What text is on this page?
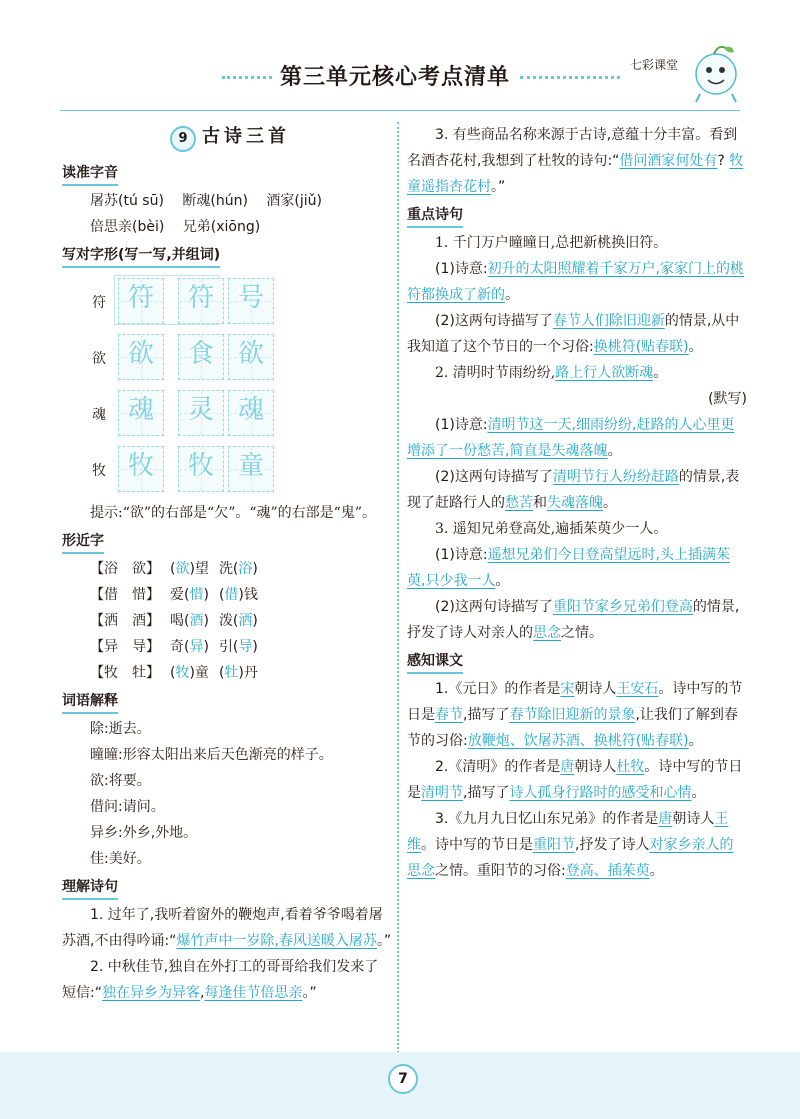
第三单元核心考点清单	七彩课堂
9 古诗三首
读准字音
屠苏(tú sū) 断魂(hún) 酒家(jiǔ)
倍思亲(bèi) 兄弟(xiōng)
写对字形(写一写,并组词)
符 符	符 号
欲 欲	食 欲
魂 魂	灵 魂
牧 牧	牧 童

提示:“欲”的右部是“欠”。“魂”的右部是“鬼”。

形近字
【浴　欲】 (欲)望 洗(浴)
【借　惜】 爱(惜) (借)钱
【洒　酒】 喝(酒) 泼(洒)
【异　导】 奇(异) 引(导)
【牧　牡】 (牧)童 (牡)丹
词语解释
除:逝去。
曈曈:形容太阳出来后天色渐亮的样子。
欲:将要。
借问:请问。
异乡:外乡,外地。
佳:美好。
理解诗句

1. 过年了,我听着窗外的鞭炮声,看着爷爷喝着屠苏酒,不由得吟诵:“爆竹声中一岁除,春风送暖入屠苏。”

2. 中秋佳节,独自在外打工的哥哥给我们发来了短信:“独在异乡为异客,每逢佳节倍思亲。”

3. 有些商品名称来源于古诗,意蕴十分丰富。看到名酒杏花村,我想到了杜牧的诗句:“借问酒家何处有? 牧童遥指杏花村。”

重点诗句

1. 千门万户曈曈日,总把新桃换旧符。

(1)诗意:初升的太阳照耀着千家万户,家家门上的桃符都换成了新的。

(2)这两句诗描写了春节人们除旧迎新的情景,从中我知道了这个节日的一个习俗:换桃符(贴春联)。

2. 清明时节雨纷纷,路上行人欲断魂。

(默写)

(1)诗意:清明节这一天,细雨纷纷,赶路的人心里更增添了一份愁苦,简直是失魂落魄。

(2)这两句诗描写了清明节行人纷纷赶路的情景,表现了赶路行人的愁苦和失魂落魄。

3. 遥知兄弟登高处,遍插茱萸少一人。

(1)诗意:遥想兄弟们今日登高望远时,头上插满茱萸,只少我一人。

(2)这两句诗描写了重阳节家乡兄弟们登高的情景,抒发了诗人对亲人的思念之情。

感知课文

1.《元日》的作者是宋朝诗人王安石。诗中写的节日是春节,描写了春节除旧迎新的景象,让我们了解到春节的习俗:放鞭炮、饮屠苏酒、换桃符(贴春联)。

2.《清明》的作者是唐朝诗人杜牧。诗中写的节日是清明节,描写了诗人孤身行路时的感受和心情。

3.《九月九日忆山东兄弟》的作者是唐朝诗人王维。诗中写的节日是重阳节,抒发了诗人对家乡亲人的思念之情。重阳节的习俗:登高、插茱萸。

7
